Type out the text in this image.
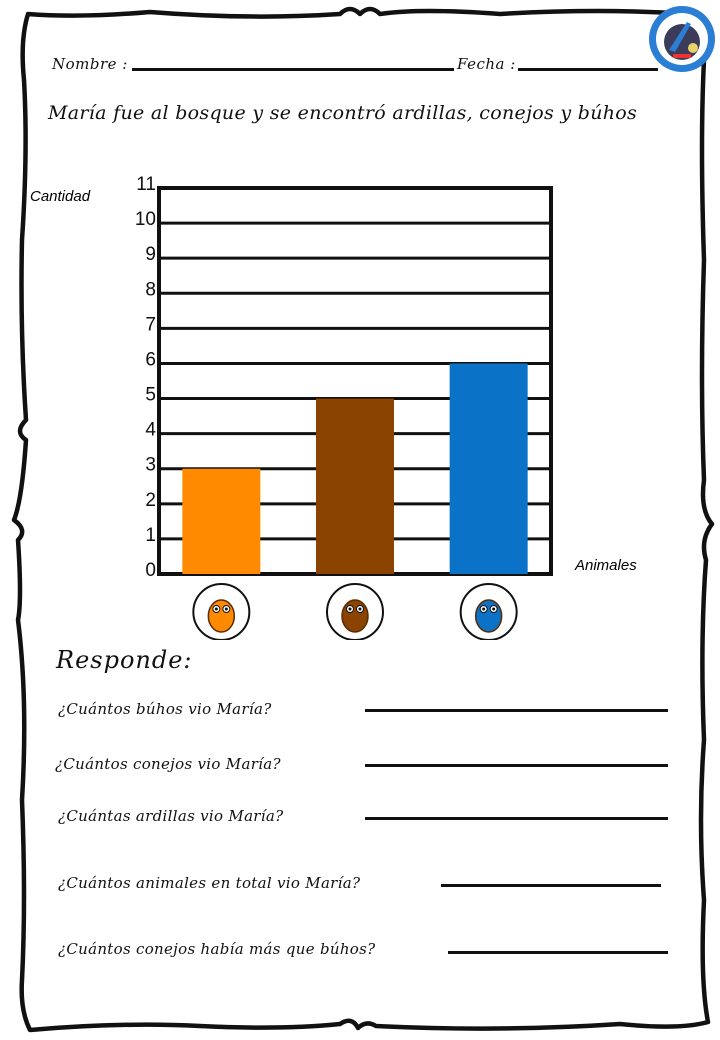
Nombre :	Fecha :
María fue al bosque y se encontró ardillas, conejos y búhos
0
1
2
3
4
5
6
7
8
9
10
11
Cantidad
Animales
Responde:
¿Cuántos búhos vio María?
¿Cuántos conejos vio María?
¿Cuántas ardillas vio María?
¿Cuántos animales en total vio María?
¿Cuántos conejos había más que búhos?
